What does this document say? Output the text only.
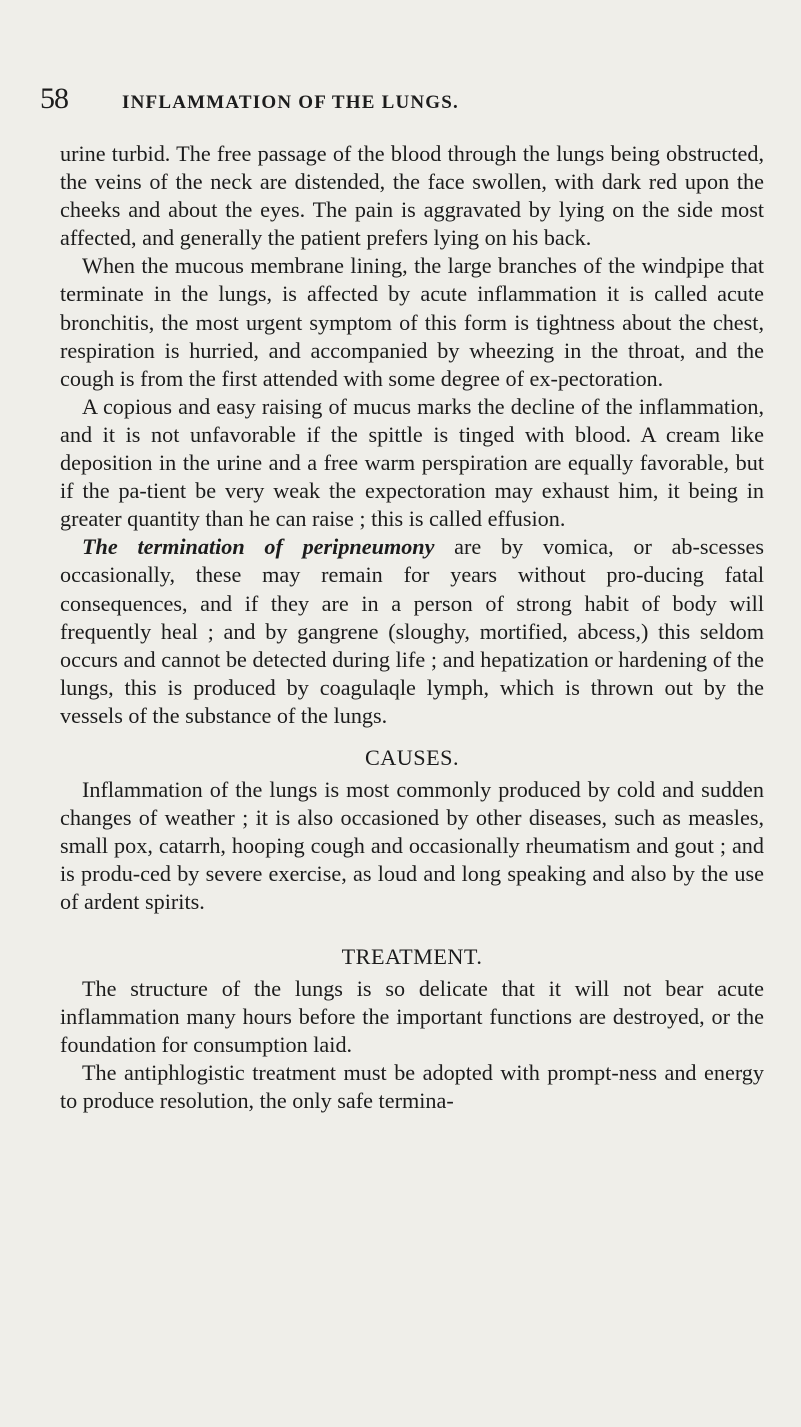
58	INFLAMMATION OF THE LUNGS.

urine turbid. The free passage of the blood through the lungs being obstructed, the veins of the neck are distended, the face swollen, with dark red upon the cheeks and about the eyes. The pain is aggravated by lying on the side most affected, and generally the patient prefers lying on his back.

When the mucous membrane lining, the large branches of the windpipe that terminate in the lungs, is affected by acute inflammation it is called acute bronchitis, the most urgent symptom of this form is tightness about the chest, respiration is hurried, and accompanied by wheezing in the throat, and the cough is from the first attended with some degree of ex-pectoration.

A copious and easy raising of mucus marks the decline of the inflammation, and it is not unfavorable if the spittle is tinged with blood. A cream like deposition in the urine and a free warm perspiration are equally favorable, but if the pa-tient be very weak the expectoration may exhaust him, it being in greater quantity than he can raise ; this is called effusion.

The termination of peripneumony are by vomica, or ab-scesses occasionally, these may remain for years without pro-ducing fatal consequences, and if they are in a person of strong habit of body will frequently heal ; and by gangrene (sloughy, mortified, abcess,) this seldom occurs and cannot be detected during life ; and hepatization or hardening of the lungs, this is produced by coagulaqle lymph, which is thrown out by the vessels of the substance of the lungs.

CAUSES.

Inflammation of the lungs is most commonly produced by cold and sudden changes of weather ; it is also occasioned by other diseases, such as measles, small pox, catarrh, hooping cough and occasionally rheumatism and gout ; and is produ-ced by severe exercise, as loud and long speaking and also by the use of ardent spirits.

TREATMENT.

The structure of the lungs is so delicate that it will not bear acute inflammation many hours before the important functions are destroyed, or the foundation for consumption laid.

The antiphlogistic treatment must be adopted with prompt-ness and energy to produce resolution, the only safe termina-
